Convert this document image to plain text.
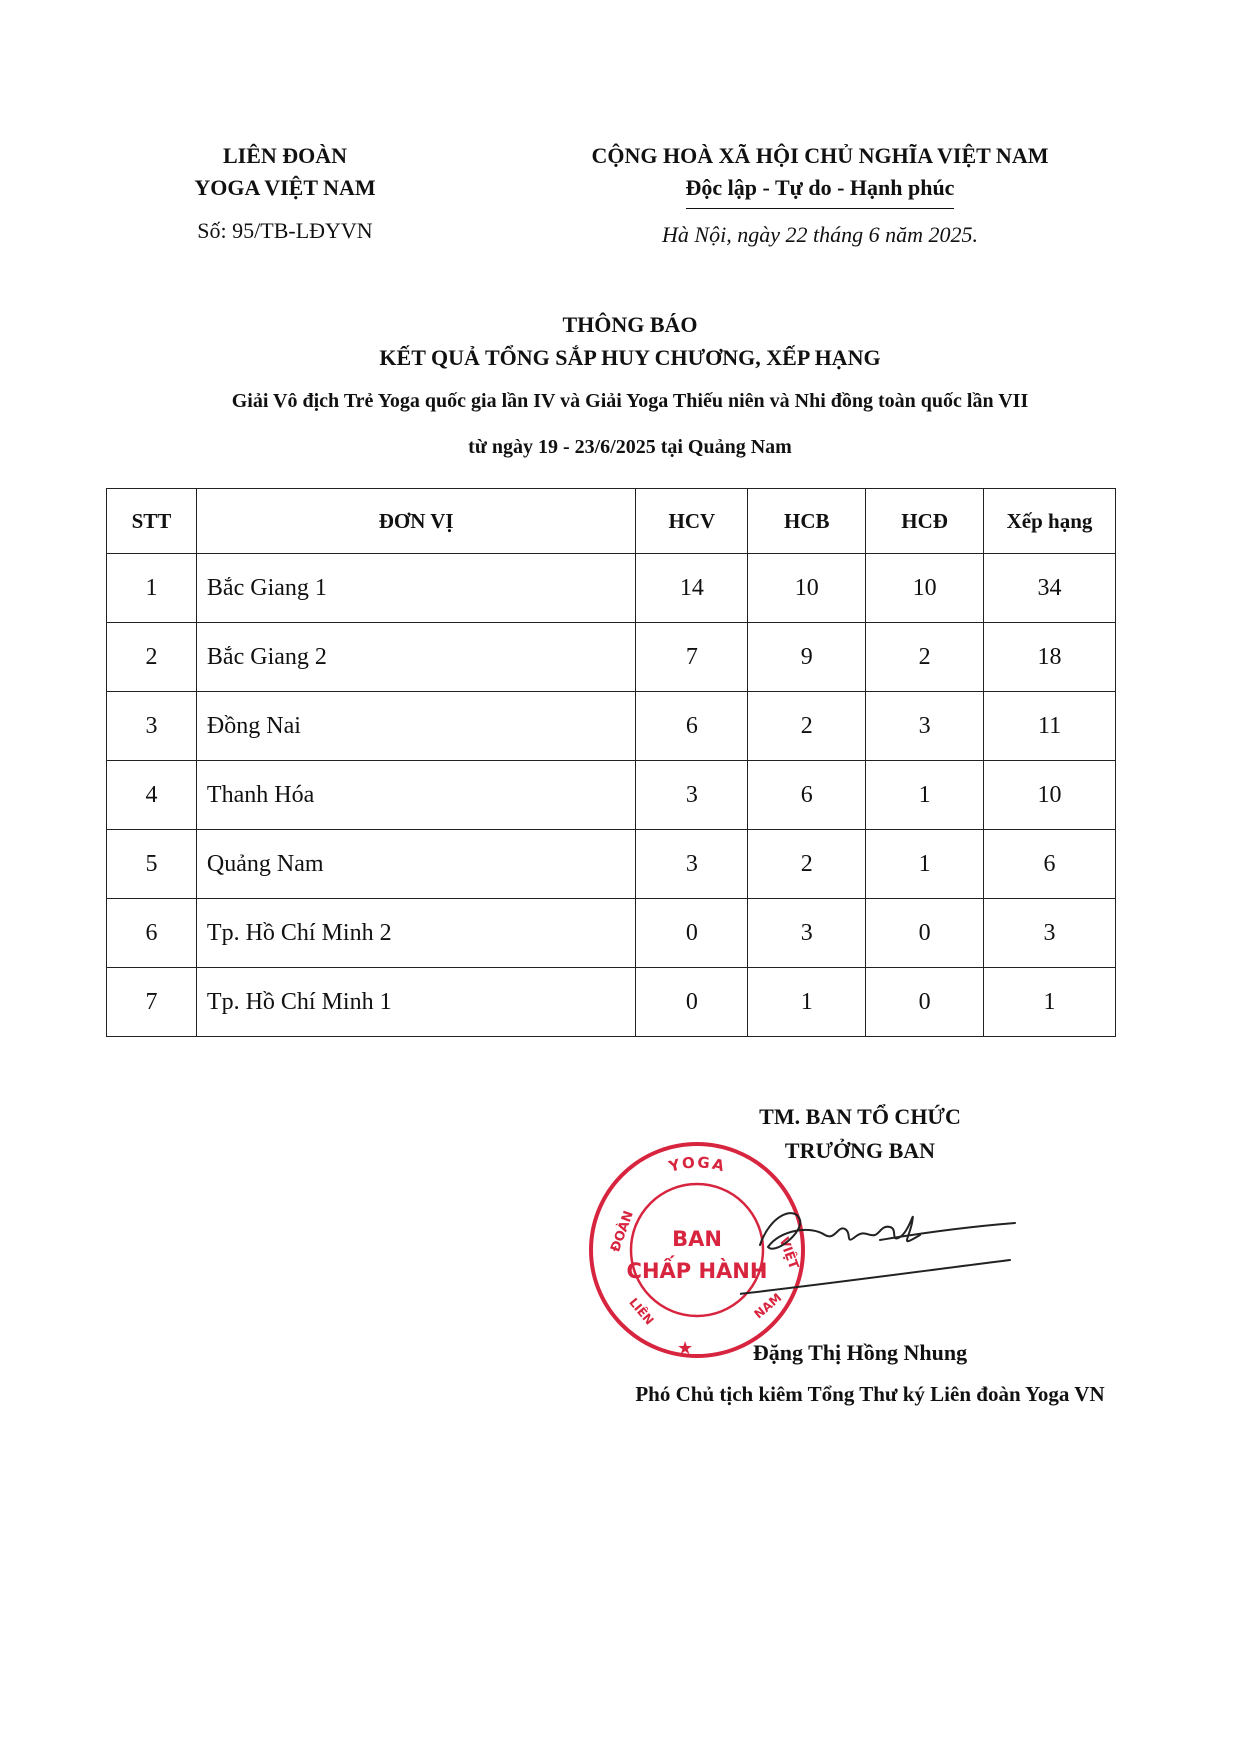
LIÊN ĐOÀN
YOGA VIỆT NAM
Số: 95/TB-LĐYVN
CỘNG HOÀ XÃ HỘI CHỦ NGHĨA VIỆT NAM
Độc lập - Tự do - Hạnh phúc
Hà Nội, ngày 22 tháng 6 năm 2025.
THÔNG BÁO
KẾT QUẢ TỔNG SẮP HUY CHƯƠNG, XẾP HẠNG
Giải Vô địch Trẻ Yoga quốc gia lần IV và Giải Yoga Thiếu niên và Nhi đồng toàn quốc lần VII
từ ngày 19 - 23/6/2025 tại Quảng Nam
STT	ĐƠN VỊ	HCV	HCB	HCĐ	Xếp hạng
1	Bắc Giang 1	14	10	10	34
2	Bắc Giang 2	7	9	2	18
3	Đồng Nai	6	2	3	11
4	Thanh Hóa	3	6	1	10
5	Quảng Nam	3	2	1	6
6	Tp. Hồ Chí Minh 2	0	3	0	3
7	Tp. Hồ Chí Minh 1	0	1	0	1
TM. BAN TỔ CHỨC
TRƯỞNG BAN
YOGA
ĐOÀN	VIỆT
LIÊN	NAM
BAN
CHẤP HÀNH
★	Đặng Thị Hồng Nhung
Phó Chủ tịch kiêm Tổng Thư ký Liên đoàn Yoga VN
